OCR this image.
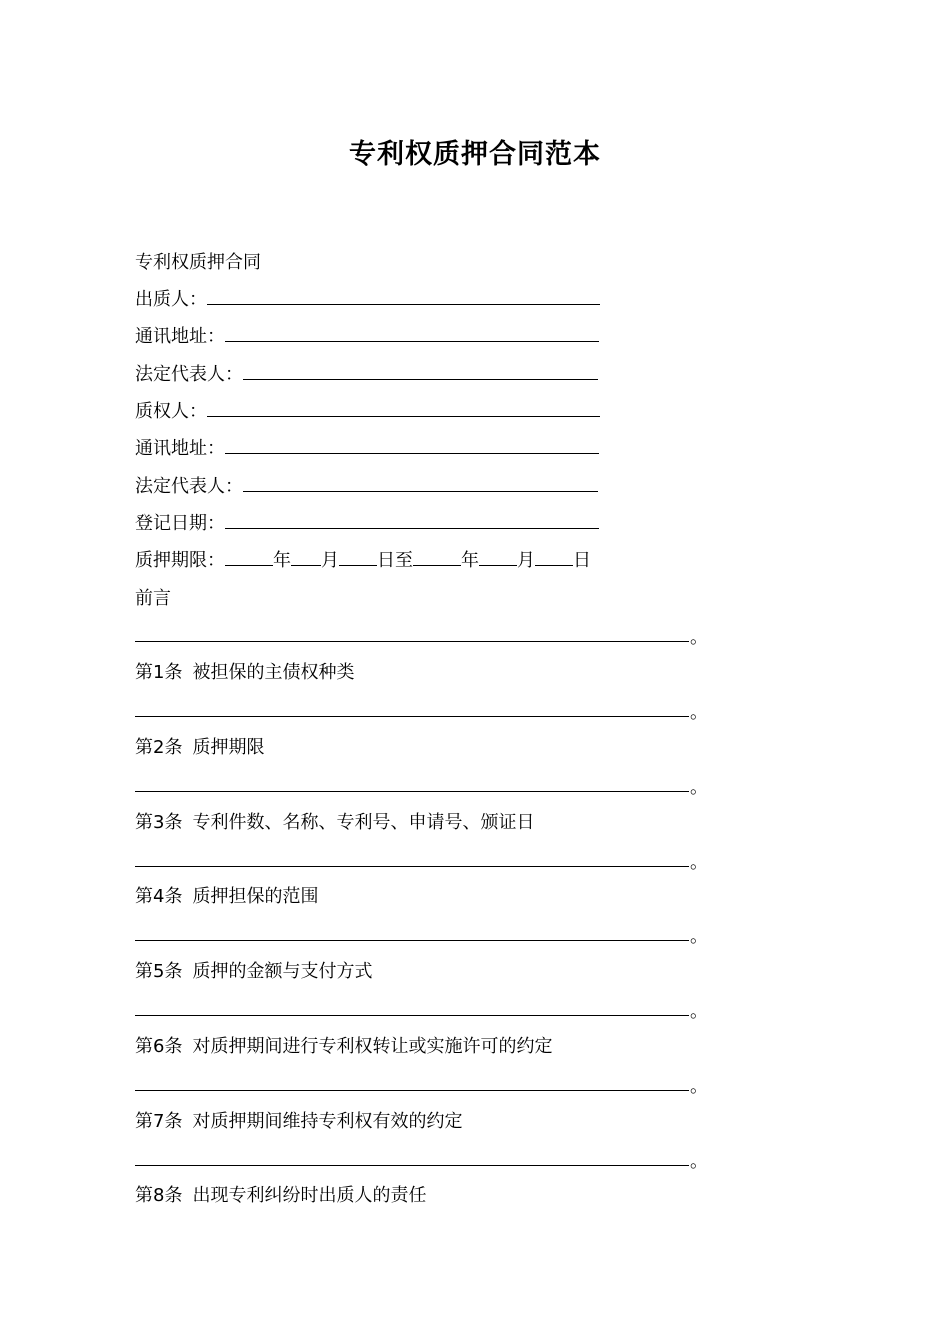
专利权质押合同范本
专利权质押合同
出质人：
通讯地址：
法定代表人：
质权人：
通讯地址：
法定代表人：
登记日期：
质押期限：	年 月 日至	年 月 日
前言
。
第1条 被担保的主债权种类
。
第2条 质押期限
。
第3条 专利件数、名称、专利号、申请号、颁证日
。
第4条 质押担保的范围
。
第5条 质押的金额与支付方式
。
第6条 对质押期间进行专利权转让或实施许可的约定
。
第7条 对质押期间维持专利权有效的约定
。
第8条 出现专利纠纷时出质人的责任
